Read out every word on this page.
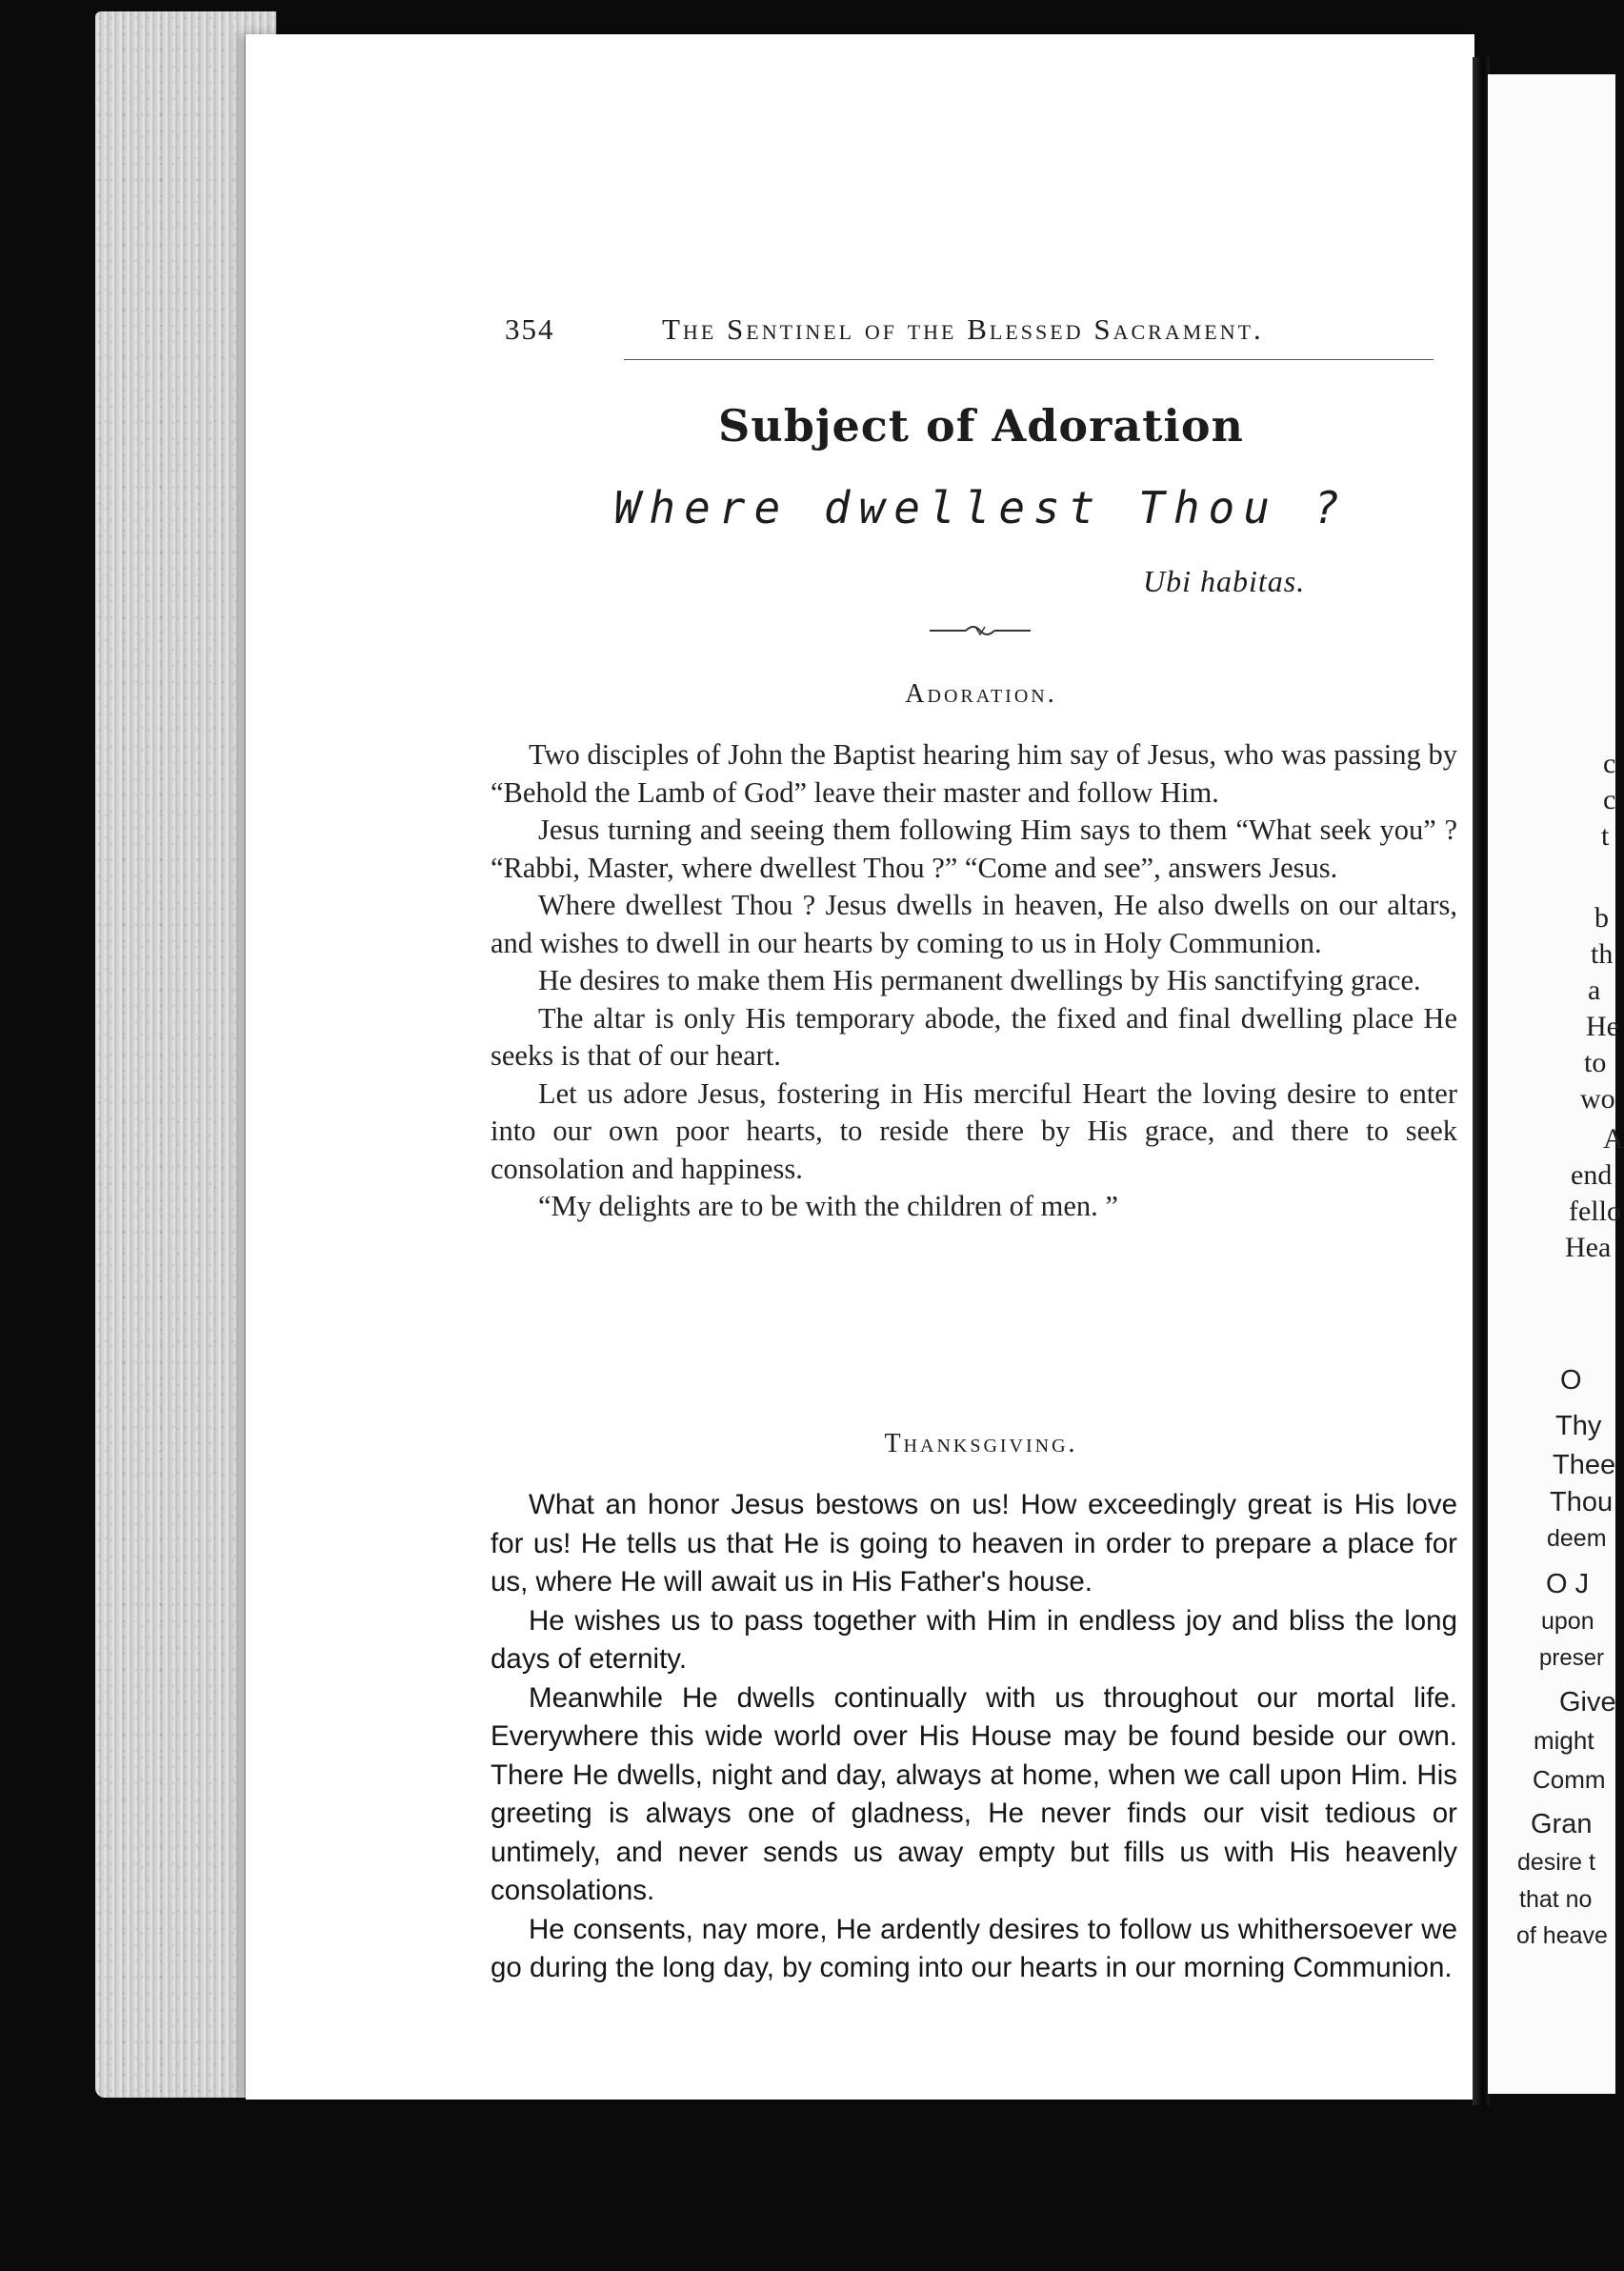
c
c
t
b
th
a
He
to
wo
A
end
fello
Hea
O
Thy
Thee
Thou
deem
O J
upon
preser
Give
might
Comm
Gran
desire t
that no
of heave
354	The Sentinel of the Blessed Sacrament.
Subject of Adoration
Where dwellest Thou ?
Ubi habitas.
Adoration.

Two disciples of John the Baptist hearing him say of Jesus, who was passing by “Behold the Lamb of God” leave their master and follow Him.

Jesus turning and seeing them following Him says to them “What seek you” ? “Rabbi, Master, where dwellest Thou ?” “Come and see”, answers Jesus.

Where dwellest Thou ? Jesus dwells in heaven, He also dwells on our altars, and wishes to dwell in our hearts by coming to us in Holy Communion.

He desires to make them His permanent dwellings by His sanctifying grace.

The altar is only His temporary abode, the fixed and final dwelling place He seeks is that of our heart.

Let us adore Jesus, fostering in His merciful Heart the loving desire to enter into our own poor hearts, to reside there by His grace, and there to seek consolation and happiness.

“My delights are to be with the children of men. ”

Thanksgiving.

What an honor Jesus bestows on us! How exceedingly great is His love for us! He tells us that He is going to heaven in order to prepare a place for us, where He will await us in His Father's house.

He wishes us to pass together with Him in endless joy and bliss the long days of eternity.

Meanwhile He dwells continually with us throughout our mortal life. Everywhere this wide world over His House may be found beside our own. There He dwells, night and day, always at home, when we call upon Him. His greeting is always one of gladness, He never finds our visit tedious or untimely, and never sends us away empty but fills us with His heavenly consolations.

He consents, nay more, He ardently desires to follow us whithersoever we go during the long day, by coming into our hearts in our morning Communion.
